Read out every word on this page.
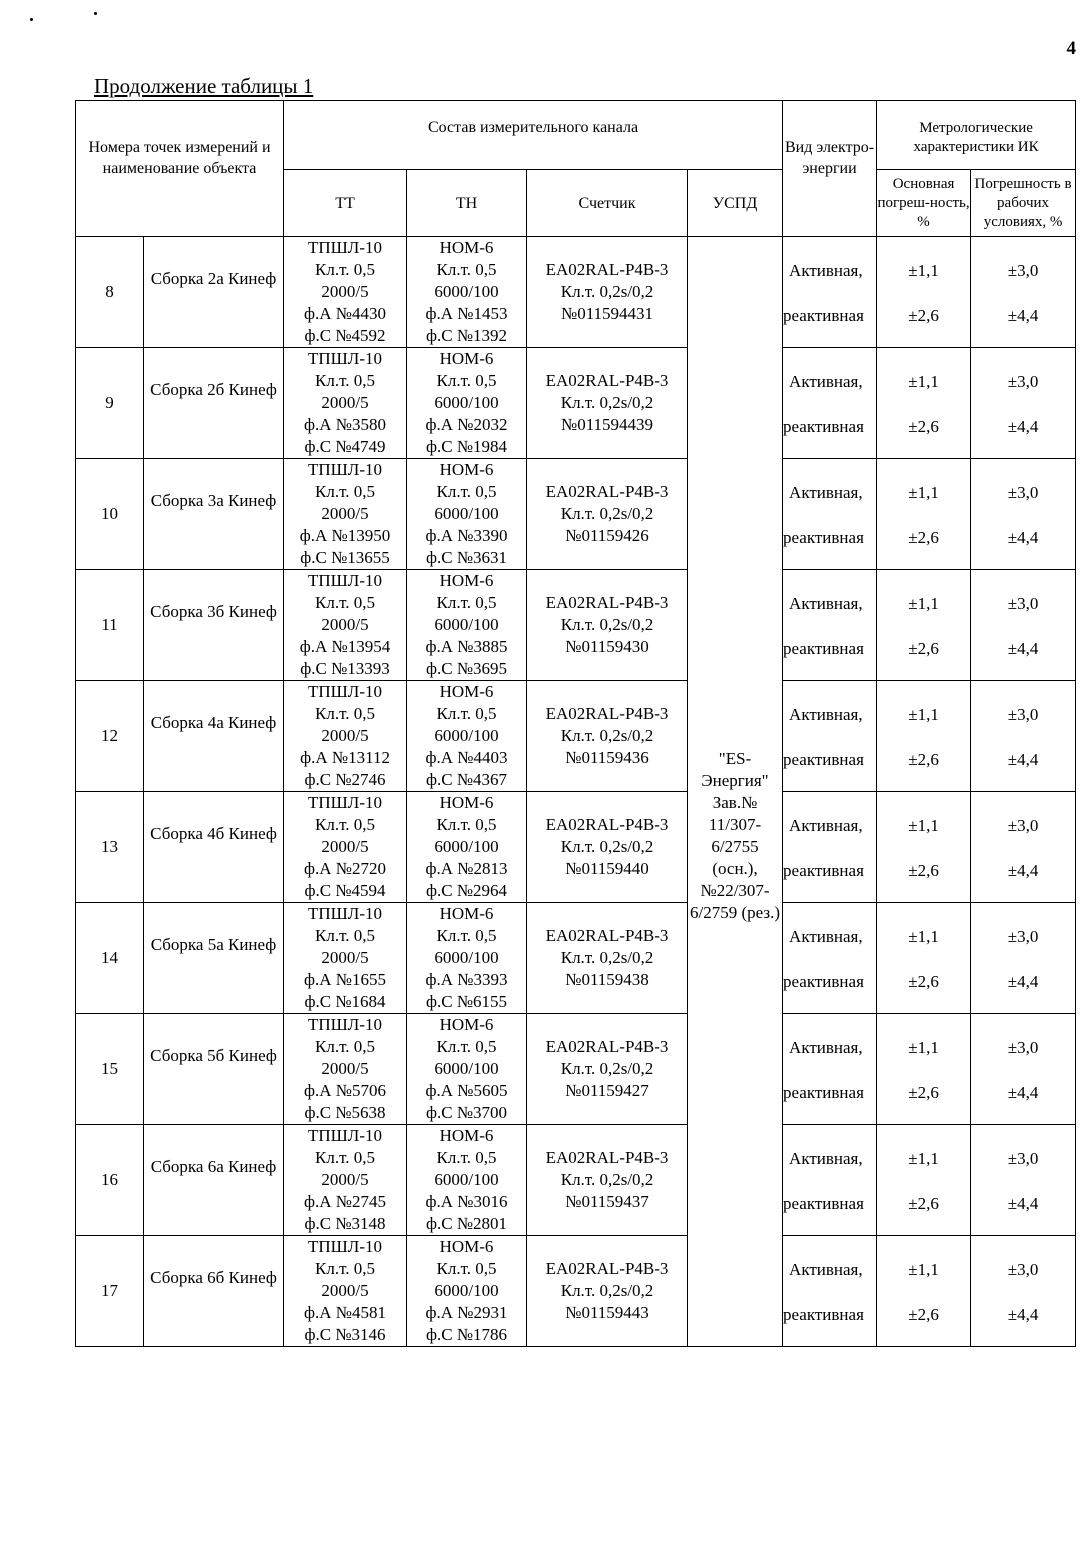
4
Продолжение таблицы 1
Номера точек измерений и наименование объекта		Состав измерительного канала				Вид электро-энергии	Метрологические характеристики ИК	
		ТТ	ТН	Счетчик	УСПД		Основная погреш-ность, %	Погрешность в рабочих условиях, %
8	Сборка 2а Кинеф	ТПШЛ-10
Кл.т. 0,5
2000/5
ф.А №4430
ф.С №4592	НОМ-6
Кл.т. 0,5
6000/100
ф.А №1453
ф.С №1392	EA02RAL-P4B-3
Кл.т. 0,2s/0,2
№011594431	"ES-Энергия" Зав.№ 11/307-6/2755 (осн.), №22/307-6/2759 (рез.)	Активная,
реактивная	±1,1
±2,6	±3,0
±4,4

9	Сборка 2б Кинеф	ТПШЛ-10
Кл.т. 0,5
2000/5
ф.А №3580
ф.С №4749	НОМ-6
Кл.т. 0,5
6000/100
ф.А №2032
ф.С №1984	EA02RAL-P4B-3
Кл.т. 0,2s/0,2
№011594439		Активная,
реактивная	±1,1
±2,6	±3,0
±4,4

10	Сборка 3а Кинеф	ТПШЛ-10
Кл.т. 0,5
2000/5
ф.А №13950
ф.С №13655	НОМ-6
Кл.т. 0,5
6000/100
ф.А №3390
ф.С №3631	EA02RAL-P4B-3
Кл.т. 0,2s/0,2
№01159426		Активная,
реактивная	±1,1
±2,6	±3,0
±4,4

11	Сборка 3б Кинеф	ТПШЛ-10
Кл.т. 0,5
2000/5
ф.А №13954
ф.С №13393	НОМ-6
Кл.т. 0,5
6000/100
ф.А №3885
ф.С №3695	EA02RAL-P4B-3
Кл.т. 0,2s/0,2
№01159430		Активная,
реактивная	±1,1
±2,6	±3,0
±4,4

12	Сборка 4а Кинеф	ТПШЛ-10
Кл.т. 0,5
2000/5
ф.А №13112
ф.С №2746	НОМ-6
Кл.т. 0,5
6000/100
ф.А №4403
ф.С №4367	EA02RAL-P4B-3
Кл.т. 0,2s/0,2
№01159436		Активная,
реактивная	±1,1
±2,6	±3,0
±4,4

13	Сборка 4б Кинеф	ТПШЛ-10
Кл.т. 0,5
2000/5
ф.А №2720
ф.С №4594	НОМ-6
Кл.т. 0,5
6000/100
ф.А №2813
ф.С №2964	EA02RAL-P4B-3
Кл.т. 0,2s/0,2
№01159440		Активная,
реактивная	±1,1
±2,6	±3,0
±4,4

14	Сборка 5а Кинеф	ТПШЛ-10
Кл.т. 0,5
2000/5
ф.А №1655
ф.С №1684	НОМ-6
Кл.т. 0,5
6000/100
ф.А №3393
ф.С №6155	EA02RAL-P4B-3
Кл.т. 0,2s/0,2
№01159438		Активная,
реактивная	±1,1
±2,6	±3,0
±4,4

15	Сборка 5б Кинеф	ТПШЛ-10
Кл.т. 0,5
2000/5
ф.А №5706
ф.С №5638	НОМ-6
Кл.т. 0,5
6000/100
ф.А №5605
ф.С №3700	EA02RAL-P4B-3
Кл.т. 0,2s/0,2
№01159427		Активная,
реактивная	±1,1
±2,6	±3,0
±4,4

16	Сборка 6а Кинеф	ТПШЛ-10
Кл.т. 0,5
2000/5
ф.А №2745
ф.С №3148	НОМ-6
Кл.т. 0,5
6000/100
ф.А №3016
ф.С №2801	EA02RAL-P4B-3
Кл.т. 0,2s/0,2
№01159437		Активная,
реактивная	±1,1
±2,6	±3,0
±4,4

17	Сборка 6б Кинеф	ТПШЛ-10
Кл.т. 0,5
2000/5
ф.А №4581
ф.С №3146	НОМ-6
Кл.т. 0,5
6000/100
ф.А №2931
ф.С №1786	EA02RAL-P4B-3
Кл.т. 0,2s/0,2
№01159443		Активная,
реактивная	±1,1
±2,6	±3,0
±4,4
